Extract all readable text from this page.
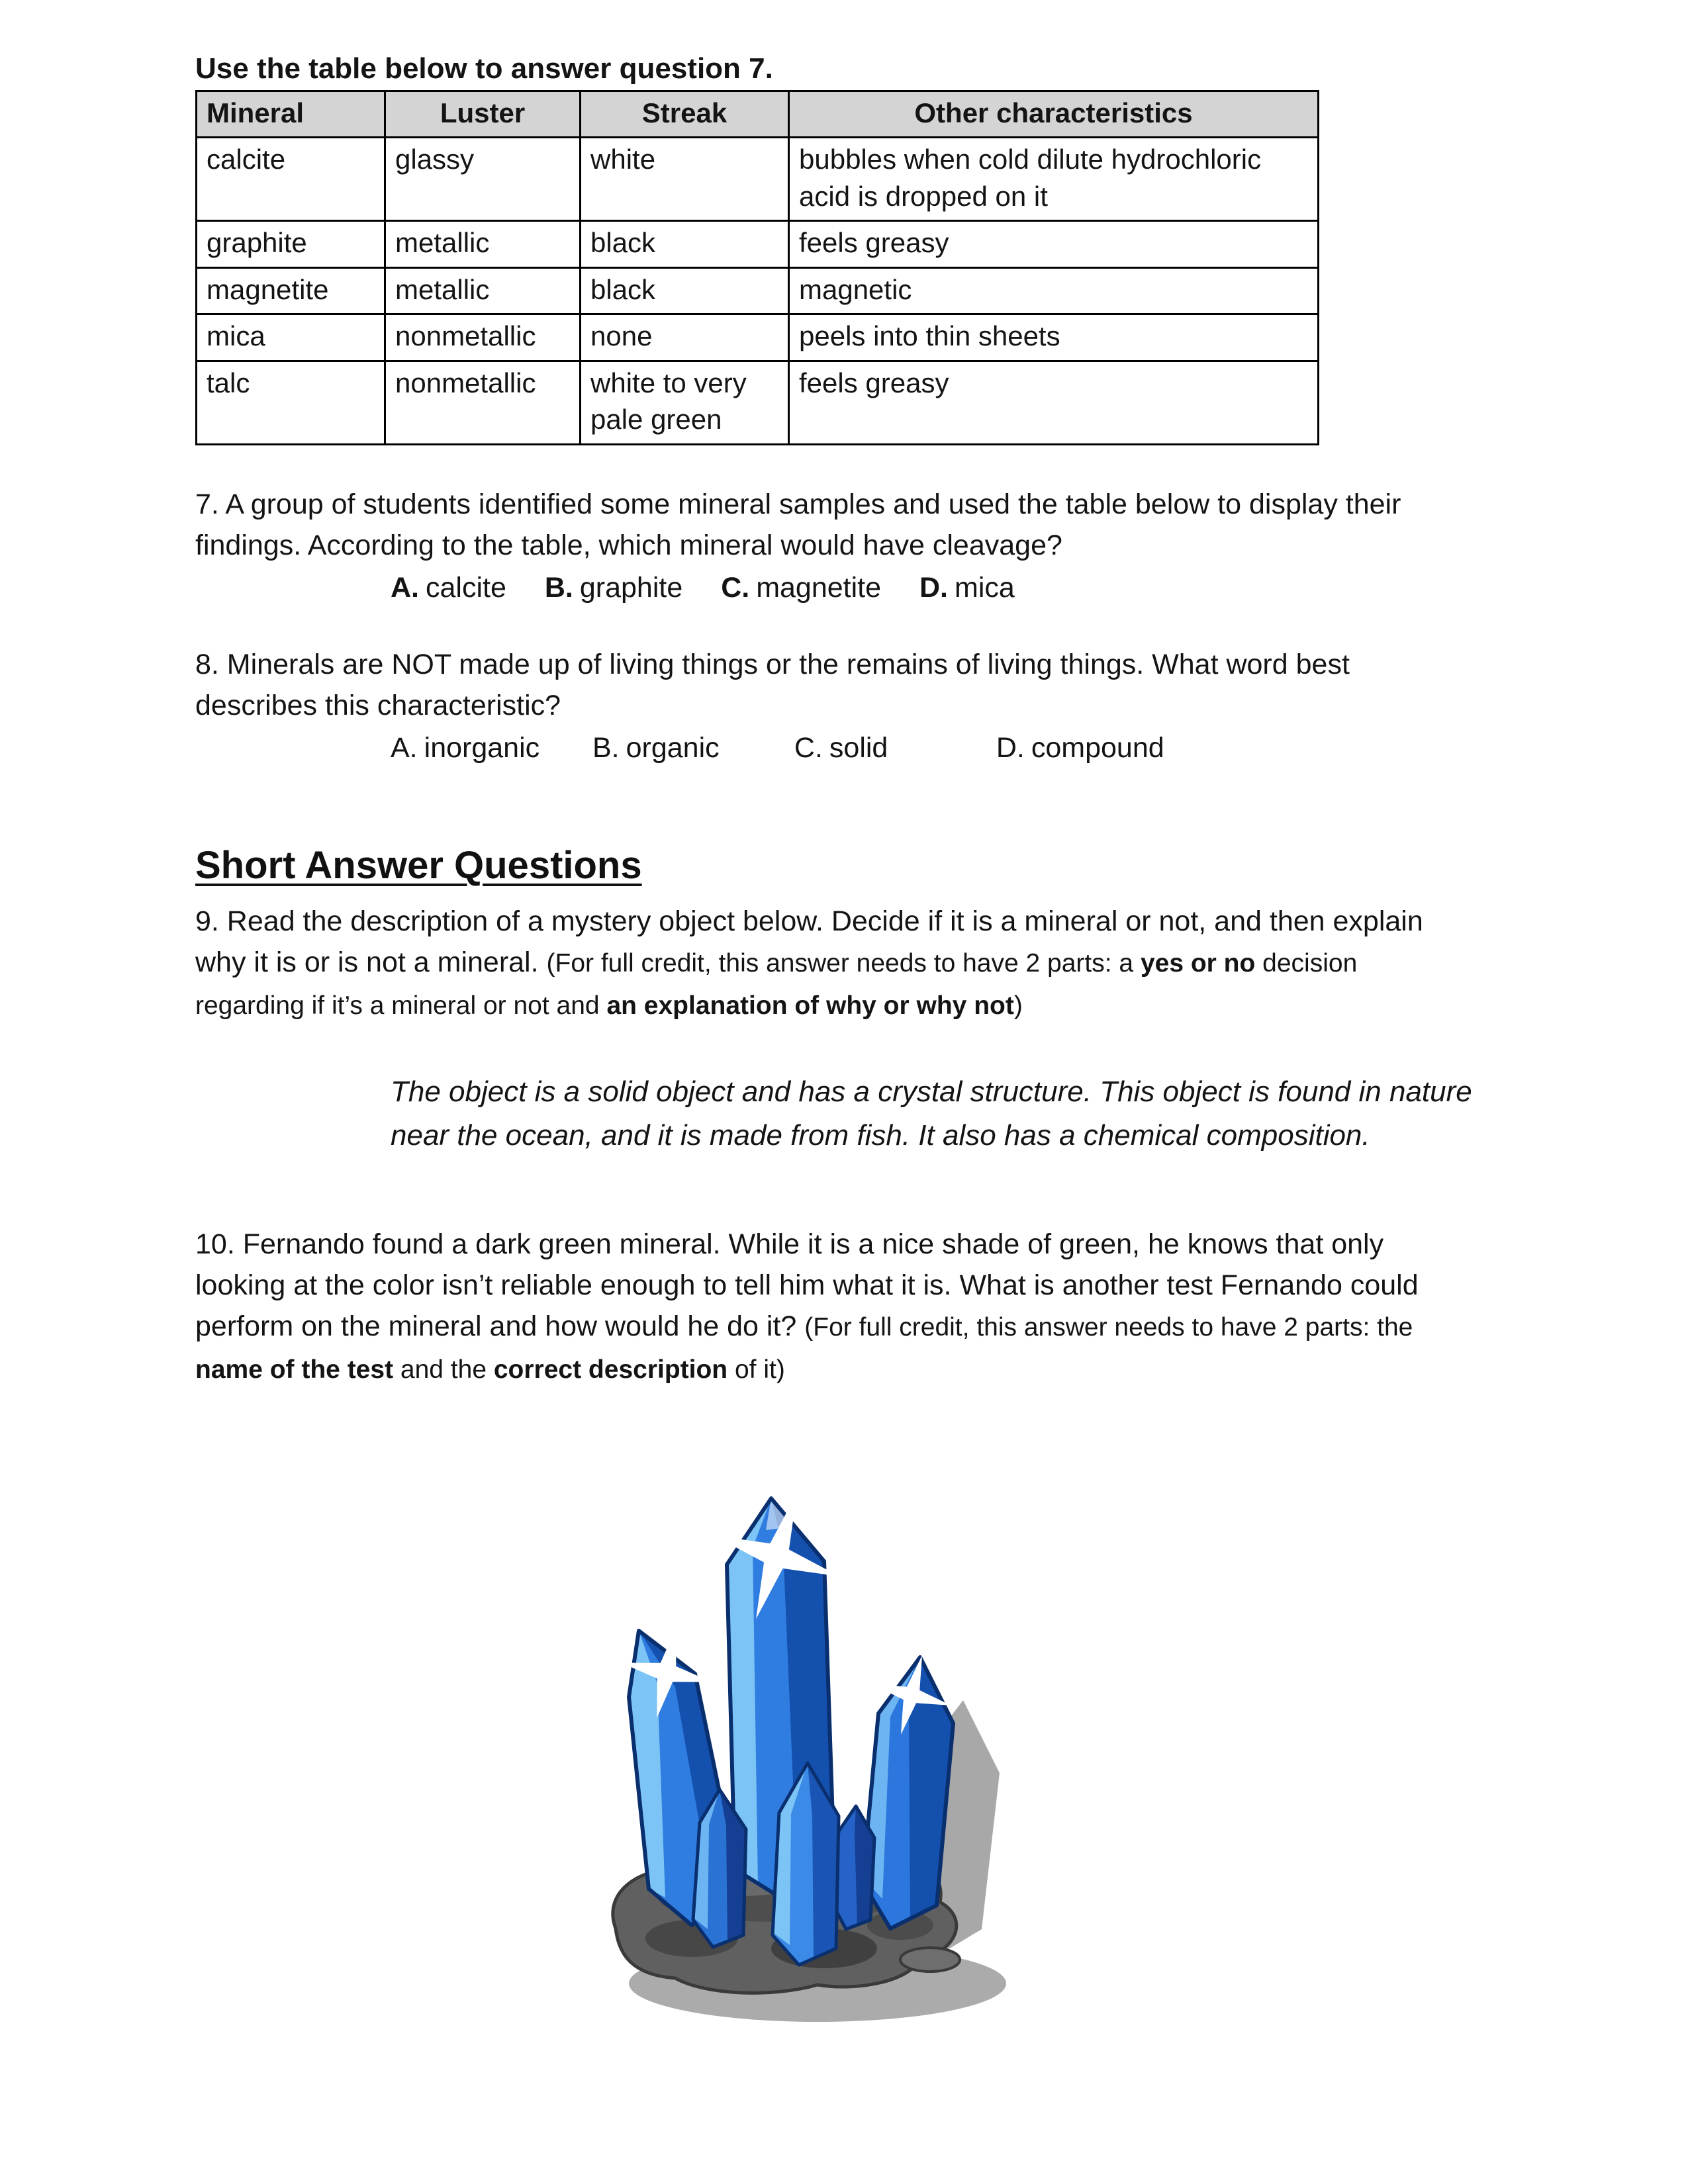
Use the table below to answer question 7.

Mineral	Luster	Streak	Other characteristics
calcite	glassy	white	bubbles when cold dilute hydrochloric acid is dropped on it
graphite	metallic	black	feels greasy
magnetite	metallic	black	magnetic
mica	nonmetallic	none	peels into thin sheets
talc	nonmetallic	white to very pale green	feels greasy

7. A group of students identified some mineral samples and used the table below to display their findings. According to the table, which mineral would have cleavage?

A. calcite B. graphite C. magnetite D. mica

8. Minerals are NOT made up of living things or the remains of living things. What word best describes this characteristic?

A. inorganic B. organic	C. solid	D. compound
Short Answer Questions

9. Read the description of a mystery object below. Decide if it is a mineral or not, and then explain why it is or is not a mineral. (For full credit, this answer needs to have 2 parts: a yes or no decision regarding if it’s a mineral or not and an explanation of why or why not)

The object is a solid object and has a crystal structure. This object is found in nature near the ocean, and it is made from fish. It also has a chemical composition.

10. Fernando found a dark green mineral. While it is a nice shade of green, he knows that only looking at the color isn’t reliable enough to tell him what it is. What is another test Fernando could perform on the mineral and how would he do it? (For full credit, this answer needs to have 2 parts: the name of the test and the correct description of it)
